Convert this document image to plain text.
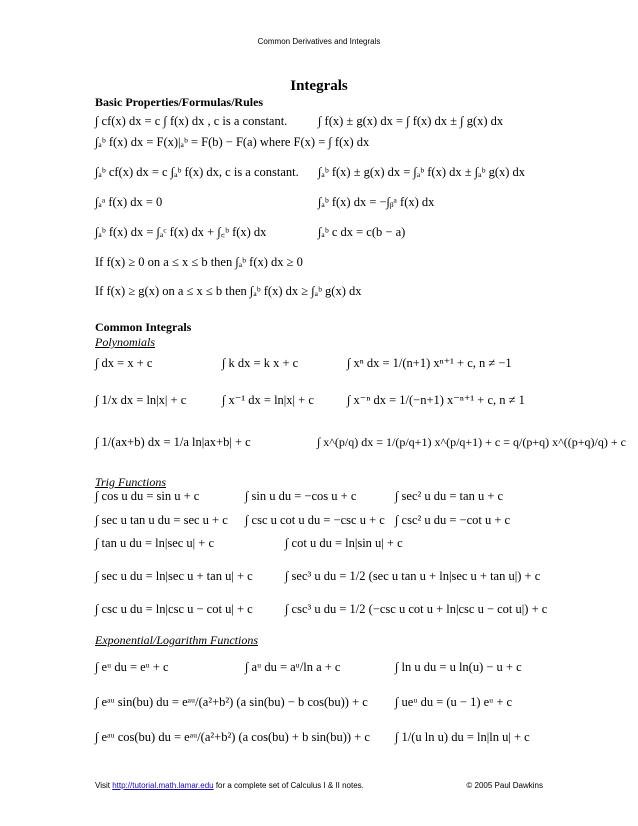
Common Derivatives and Integrals
Integrals
Basic Properties/Formulas/Rules
∫ cf(x) dx = c ∫ f(x) dx , c is a constant. ∫ f(x) ± g(x) dx = ∫ f(x) dx ± ∫ g(x) dx
∫ₐᵇ f(x) dx = F(x)|ₐᵇ = F(b) − F(a) where F(x) = ∫ f(x) dx
∫ₐᵇ cf(x) dx = c ∫ₐᵇ f(x) dx, c is a constant. ∫ₐᵇ f(x) ± g(x) dx = ∫ₐᵇ f(x) dx ± ∫ₐᵇ g(x) dx
∫ₐᵃ f(x) dx = 0	∫ₐᵇ f(x) dx = −∫ᵦᵃ f(x) dx
∫ₐᵇ f(x) dx = ∫ₐᶜ f(x) dx + ∫꜀ᵇ f(x) dx	∫ₐᵇ c dx = c(b − a)
If f(x) ≥ 0 on a ≤ x ≤ b then ∫ₐᵇ f(x) dx ≥ 0
If f(x) ≥ g(x) on a ≤ x ≤ b then ∫ₐᵇ f(x) dx ≥ ∫ₐᵇ g(x) dx
Common Integrals
Polynomials
∫ dx = x + c	∫ k dx = k x + c	∫ xⁿ dx = 1/(n+1) xⁿ⁺¹ + c, n ≠ −1
∫ 1/x dx = ln|x| + c	∫ x⁻¹ dx = ln|x| + c	∫ x⁻ⁿ dx = 1/(−n+1) x⁻ⁿ⁺¹ + c, n ≠ 1
∫ 1/(ax+b) dx = 1/a ln|ax+b| + c	∫ x^(p/q) dx = 1/(p/q+1) x^(p/q+1) + c = q/(p+q) x^((p+q)/q) + c
Trig Functions
∫ cos u du = sin u + c	∫ sin u du = −cos u + c	∫ sec² u du = tan u + c
∫ sec u tan u du = sec u + c ∫ csc u cot u du = −csc u + c ∫ csc² u du = −cot u + c
∫ tan u du = ln|sec u| + c	∫ cot u du = ln|sin u| + c
∫ sec u du = ln|sec u + tan u| + c	∫ sec³ u du = 1/2 (sec u tan u + ln|sec u + tan u|) + c
∫ csc u du = ln|csc u − cot u| + c	∫ csc³ u du = 1/2 (−csc u cot u + ln|csc u − cot u|) + c
Exponential/Logarithm Functions
∫ eᵘ du = eᵘ + c	∫ aᵘ du = aᵘ/ln a + c	∫ ln u du = u ln(u) − u + c
∫ eᵃᵘ sin(bu) du = eᵃᵘ/(a²+b²) (a sin(bu) − b cos(bu)) + c ∫ ueᵘ du = (u − 1) eᵘ + c
∫ eᵃᵘ cos(bu) du = eᵃᵘ/(a²+b²) (a cos(bu) + b sin(bu)) + c ∫ 1/(u ln u) du = ln|ln u| + c
Visit http://tutorial.math.lamar.edu for a complete set of Calculus I & II notes.	© 2005 Paul Dawkins
